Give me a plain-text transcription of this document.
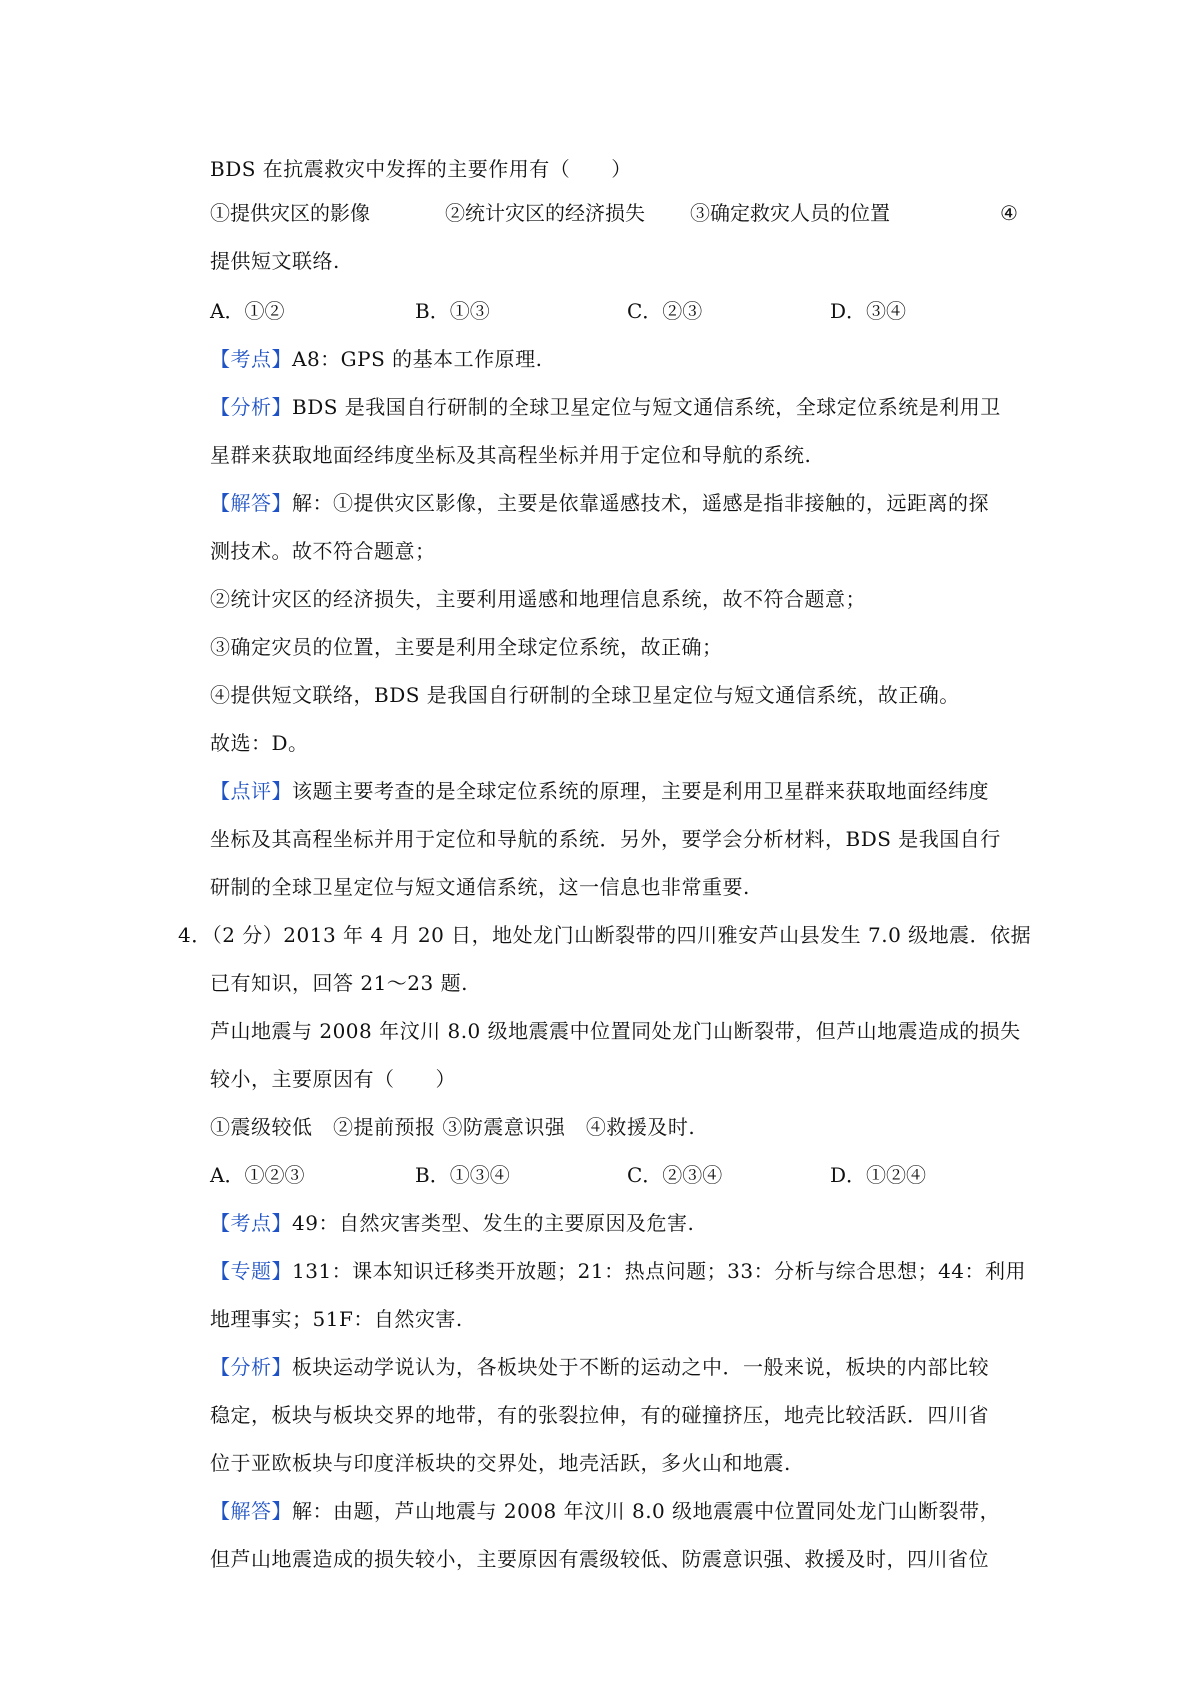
BDS 在抗震救灾中发挥的主要作用有（　　）
①提供灾区的影像	②统计灾区的经济损失 ③确定救灾人员的位置	④
提供短文联络.
A．①②	B．①③	C．②③	D．③④
【考点】A8：GPS 的基本工作原理.
【分析】BDS 是我国自行研制的全球卫星定位与短文通信系统，全球定位系统是利用卫
星群来获取地面经纬度坐标及其高程坐标并用于定位和导航的系统.
【解答】解：①提供灾区影像，主要是依靠遥感技术，遥感是指非接触的，远距离的探
测技术。故不符合题意；
②统计灾区的经济损失，主要利用遥感和地理信息系统，故不符合题意；
③确定灾员的位置，主要是利用全球定位系统，故正确；
④提供短文联络，BDS 是我国自行研制的全球卫星定位与短文通信系统，故正确。
故选：D。
【点评】该题主要考查的是全球定位系统的原理，主要是利用卫星群来获取地面经纬度
坐标及其高程坐标并用于定位和导航的系统．另外，要学会分析材料，BDS 是我国自行
研制的全球卫星定位与短文通信系统，这一信息也非常重要.
4．（2 分）2013 年 4 月 20 日，地处龙门山断裂带的四川雅安芦山县发生 7.0 级地震．依据
已有知识，回答 21～23 题.
芦山地震与 2008 年汶川 8.0 级地震震中位置同处龙门山断裂带，但芦山地震造成的损失
较小，主要原因有（　　）
①震级较低　②提前预报 ③防震意识强　④救援及时.
A．①②③	B．①③④	C．②③④	D．①②④
【考点】49：自然灾害类型、发生的主要原因及危害.
【专题】131：课本知识迁移类开放题；21：热点问题；33：分析与综合思想；44：利用
地理事实；51F：自然灾害.
【分析】板块运动学说认为，各板块处于不断的运动之中．一般来说，板块的内部比较
稳定，板块与板块交界的地带，有的张裂拉伸，有的碰撞挤压，地壳比较活跃．四川省
位于亚欧板块与印度洋板块的交界处，地壳活跃，多火山和地震.
【解答】解：由题，芦山地震与 2008 年汶川 8.0 级地震震中位置同处龙门山断裂带，
但芦山地震造成的损失较小，主要原因有震级较低、防震意识强、救援及时，四川省位
